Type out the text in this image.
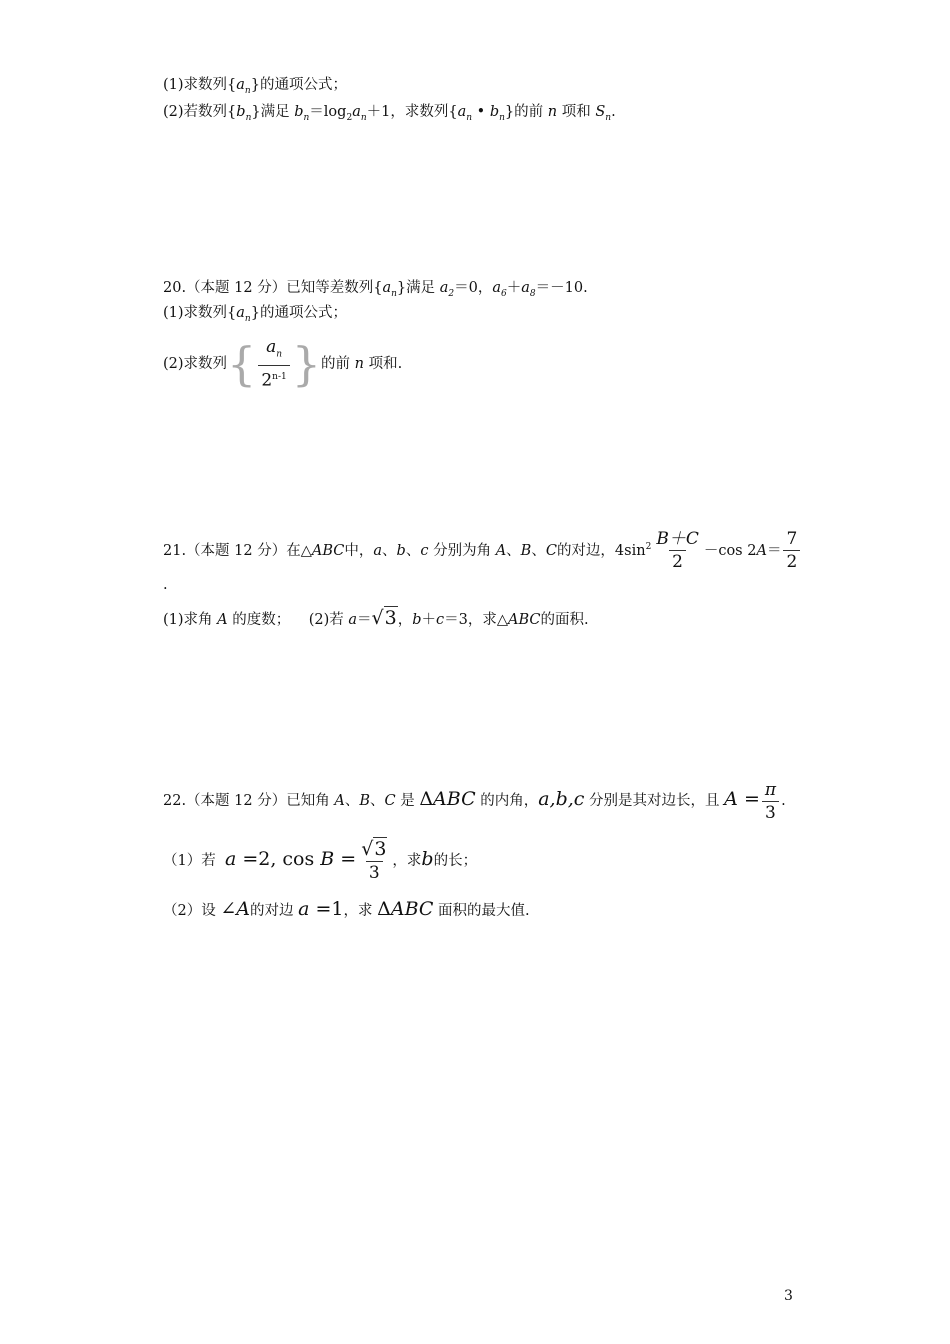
(1)求数列$\{a_n\}$的通项公式；
(2)若数列$\{b_n\}$满足 $b_n=\log_2a_n+1$，求数列{$a_n$ • $b_n$}的前 n 项和 $S_n$.
20.（本题 12 分）已知等差数列$\{a_n\}$满足 $a_2=0$，$a_6+a_8=-10$.
(1)求数列$\{a_n\}$的通项公式；
(2)求数列{ $\frac{a_n}{2^{n-1}}$ }的前 n 项和.
21.（本题 12 分）在△ABC中，a、b、c 分别为角 A、B、C的对边，$4\sin^2 \frac{B+C}{2} -\cos$ $2A= \frac{7}{2}$
.
(1)求角 A 的度数； (2)若 a＝√3，b＋c＝3，求△ABC的面积.
22.（本题 12 分）已知角 A、B、C 是 ΔABC 的内角，a,b,c 分别是其对边长，且 $A = \frac{\pi}{3}$ .
（1）若 a =2, $\cos B = \frac{√3}{3}$ ，求b的长；
（2）设 ∠A的对边 a =1，求 ΔABC 面积的最大值.
3
